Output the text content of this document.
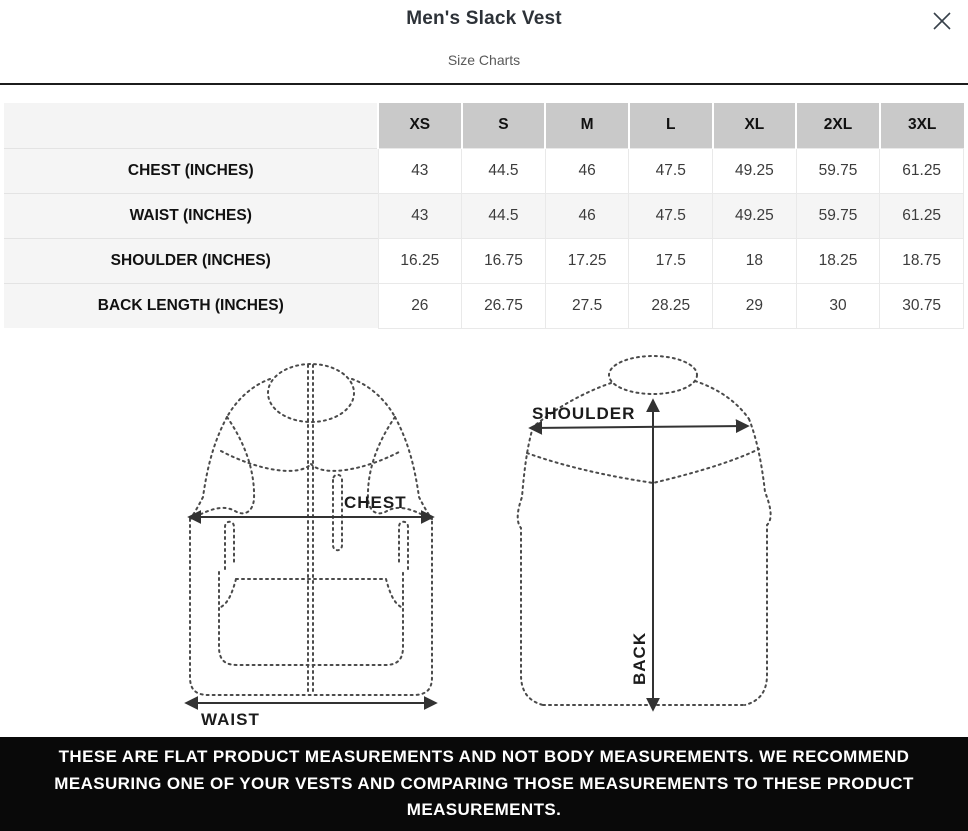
Men's Slack Vest
Size Charts
	XS	S	M	L	XL	2XL	3XL
CHEST (INCHES)	43	44.5	46	47.5	49.25	59.75	61.25
WAIST (INCHES)	43	44.5	46	47.5	49.25	59.75	61.25
SHOULDER (INCHES)	16.25	16.75	17.25	17.5	18	18.25	18.75
BACK LENGTH (INCHES)	26	26.75	27.5	28.25	29	30	30.75
CHEST
WAIST
SHOULDER
BACK
THESE ARE FLAT PRODUCT MEASUREMENTS AND NOT BODY MEASUREMENTS. WE RECOMMEND MEASURING ONE OF YOUR VESTS AND COMPARING THOSE MEASUREMENTS TO THESE PRODUCT MEASUREMENTS.
